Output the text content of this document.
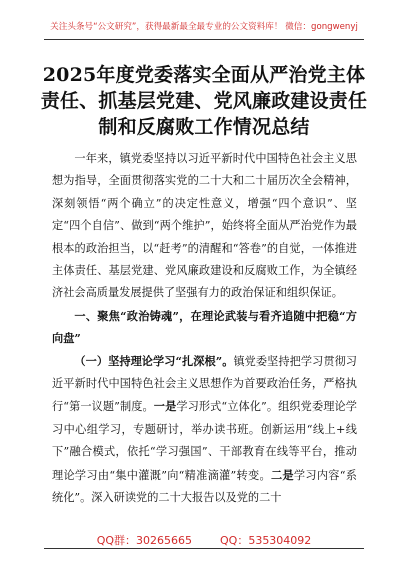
关注头条号“公文研究”，获得最新最全最专业的公文资料库！ 微信：gongwenyj
2025年度党委落实全面从严治党主体责任、抓基层党建、党风廉政建设责任制和反腐败工作情况总结

一年来，镇党委坚持以习近平新时代中国特色社会主义思想为指导，全面贯彻落实党的二十大和二十届历次全会精神，深刻领悟“两个确立”的决定性意义，增强“四个意识”、坚定“四个自信”、做到“两个维护”，始终将全面从严治党作为最根本的政治担当，以“赶考”的清醒和“答卷”的自觉，一体推进主体责任、基层党建、党风廉政建设和反腐败工作，为全镇经济社会高质量发展提供了坚强有力的政治保证和组织保证。

一、聚焦“政治铸魂”，在理论武装与看齐追随中把稳“方向盘”

（一）坚持理论学习“扎深根”。镇党委坚持把学习贯彻习近平新时代中国特色社会主义思想作为首要政治任务，严格执行“第一议题”制度。一是学习形式“立体化”。组织党委理论学习中心组学习，专题研讨，举办读书班。创新运用“线上+线下”融合模式，依托“学习强国”、干部教育在线等平台，推动理论学习由“集中灌溉”向“精准滴灌”转变。二是学习内容“系统化”。深入研读党的二十大报告以及党的二十

QQ群：30265665	QQ：535304092
